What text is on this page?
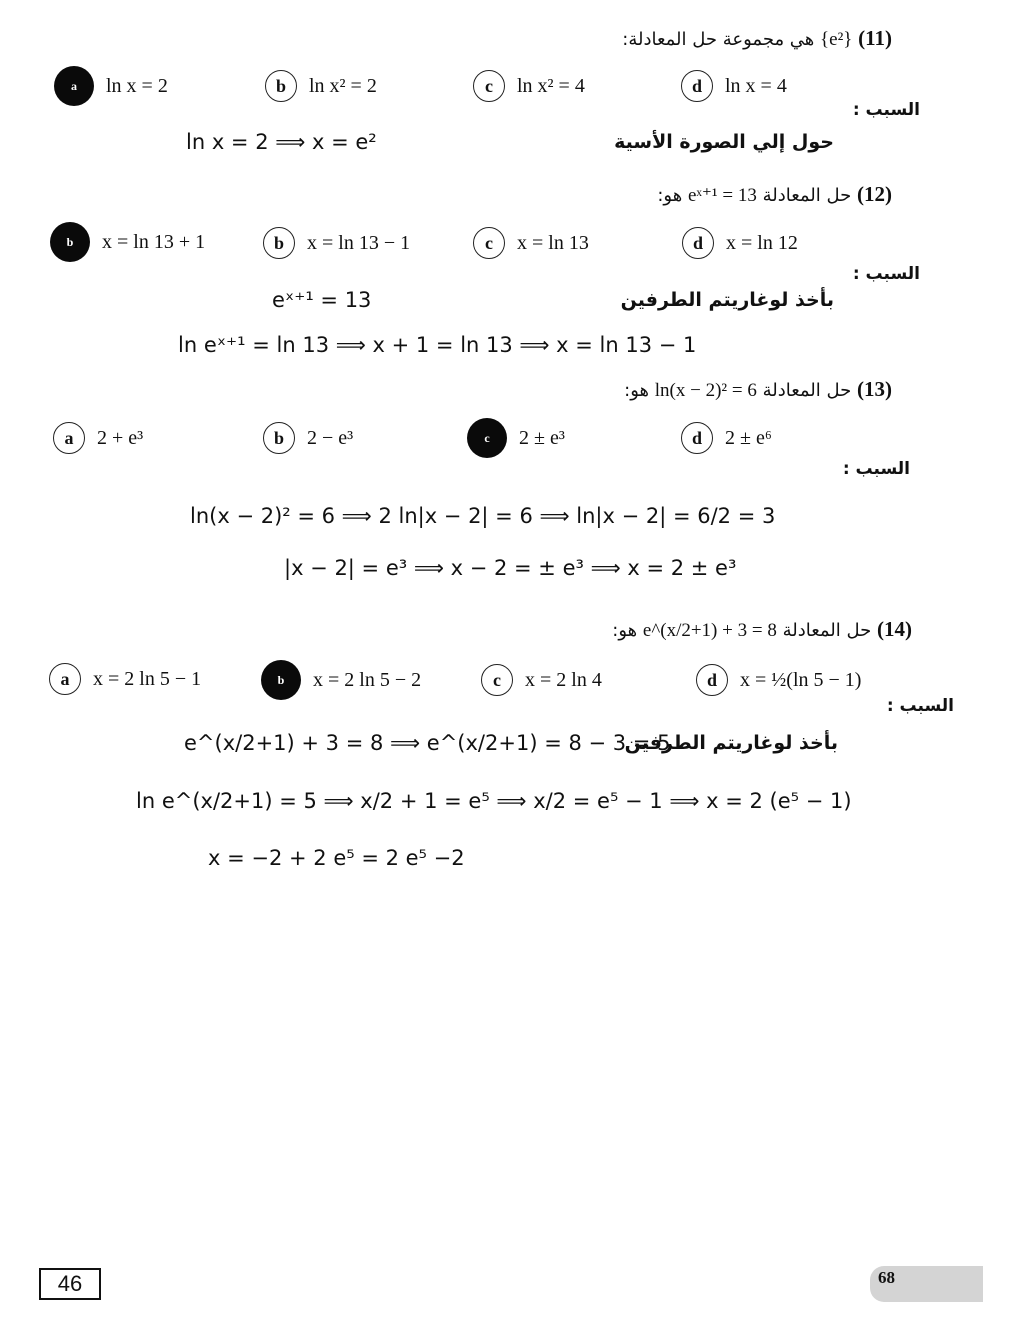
(11) {e²} هي مجموعة حل المعادلة:
a	ln x = 2	b	ln x² = 2	c	ln x² = 4	d	ln x = 4
السبب :
ln x = 2 ⟹ x = e²	حول إلي الصورة الأسية
(12) حل المعادلة eˣ⁺¹ = 13 هو:
b	x = ln 13 + 1	b	x = ln 13 − 1	c	x = ln 13	d	x = ln 12
السبب :
eˣ⁺¹ = 13	بأخذ لوغاريتم الطرفين
ln eˣ⁺¹ = ln 13 ⟹ x + 1 = ln 13 ⟹ x = ln 13 − 1
(13) حل المعادلة ln(x − 2)² = 6 هو:
a	2 + e³	b	2 − e³	c	2 ± e³	d	2 ± e⁶
السبب :
ln(x − 2)² = 6 ⟹ 2 ln|x − 2| = 6 ⟹ ln|x − 2| = 6/2 = 3
|x − 2| = e³ ⟹ x − 2 = ± e³ ⟹ x = 2 ± e³
(14) حل المعادلة e^(x/2+1) + 3 = 8 هو:
a	x = 2 ln 5 − 1	b	x = 2 ln 5 − 2	c	x = 2 ln 4	d	x = ½(ln 5 − 1)
السبب :
e^(x/2+1) + 3 = 8 ⟹ e^(x/2+1) = 8 − 3 = 5
بأخذ لوغاريتم الطرفين
ln e^(x/2+1) = 5 ⟹ x/2 + 1 = e⁵ ⟹ x/2 = e⁵ − 1 ⟹ x = 2 (e⁵ − 1)
x = −2 + 2 e⁵ = 2 e⁵ −2
46	68
